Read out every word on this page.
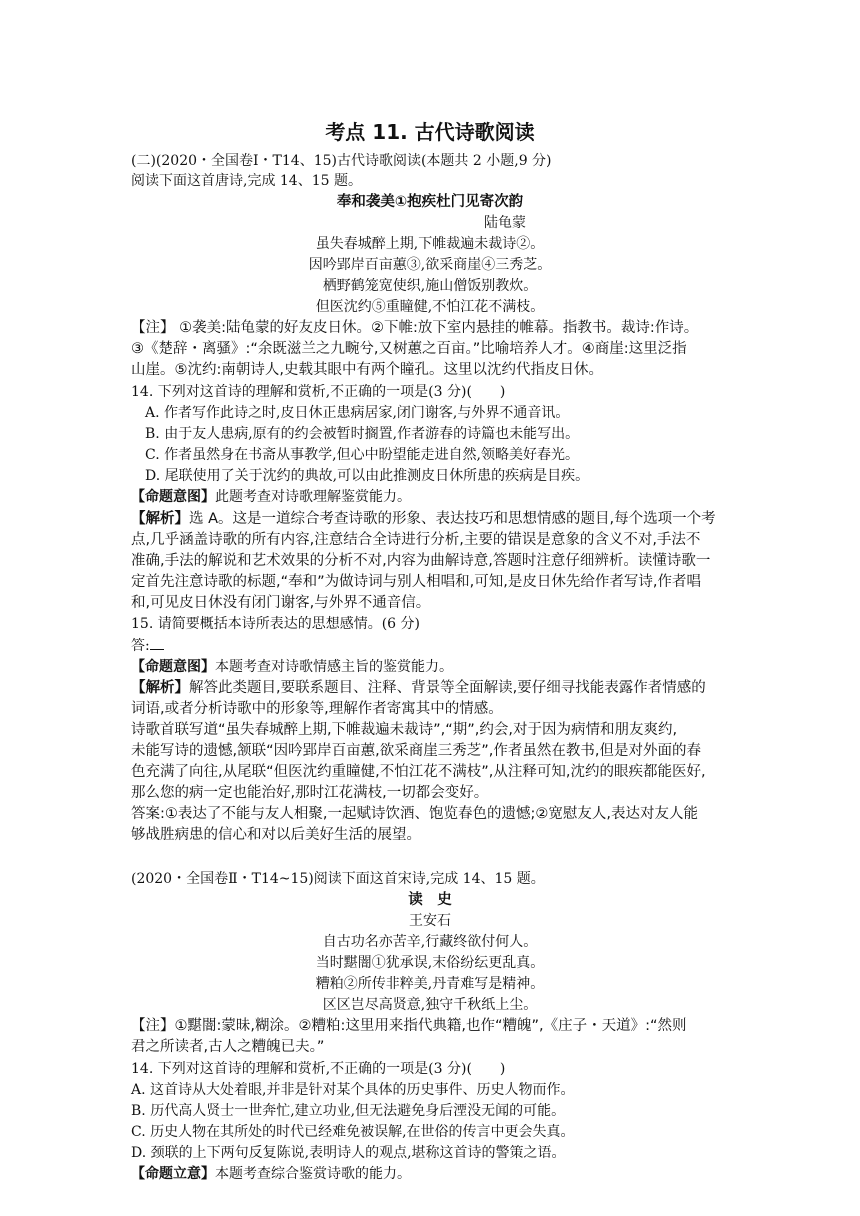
考点 11. 古代诗歌阅读
(二)(2020・全国卷Ⅰ・T14、15)古代诗歌阅读(本题共 2 小题,9 分)
阅读下面这首唐诗,完成 14、15 题。
奉和袭美①抱疾杜门见寄次韵
陆龟蒙
虽失春城醉上期,下帷裁遍未裁诗②。
因吟郢岸百亩蕙③,欲采商崖④三秀芝。
栖野鹤笼宽使织,施山僧饭别教炊。
但医沈约⑤重瞳健,不怕江花不满枝。
【注】 ①袭美:陆龟蒙的好友皮日休。②下帷:放下室内悬挂的帷幕。指教书。裁诗:作诗。
③《楚辞・离骚》:“余既滋兰之九畹兮,又树蕙之百亩。”比喻培养人才。④商崖:这里泛指
山崖。⑤沈约:南朝诗人,史载其眼中有两个瞳孔。这里以沈约代指皮日休。
14. 下列对这首诗的理解和赏析,不正确的一项是(3 分)(　　)
A. 作者写作此诗之时,皮日休正患病居家,闭门谢客,与外界不通音讯。
B. 由于友人患病,原有的约会被暂时搁置,作者游春的诗篇也未能写出。
C. 作者虽然身在书斋从事教学,但心中盼望能走进自然,领略美好春光。
D. 尾联使用了关于沈约的典故,可以由此推测皮日休所患的疾病是目疾。
【命题意图】此题考查对诗歌理解鉴赏能力。
【解析】选 A。这是一道综合考查诗歌的形象、表达技巧和思想情感的题目,每个选项一个考
点,几乎涵盖诗歌的所有内容,注意结合全诗进行分析,主要的错误是意象的含义不对,手法不
准确,手法的解说和艺术效果的分析不对,内容为曲解诗意,答题时注意仔细辨析。读懂诗歌一
定首先注意诗歌的标题,“奉和”为做诗词与别人相唱和,可知,是皮日休先给作者写诗,作者唱
和,可见皮日休没有闭门谢客,与外界不通音信。
15. 请简要概括本诗所表达的思想感情。(6 分)
答:
【命题意图】本题考查对诗歌情感主旨的鉴赏能力。
【解析】解答此类题目,要联系题目、注释、背景等全面解读,要仔细寻找能表露作者情感的
词语,或者分析诗歌中的形象等,理解作者寄寓其中的情感。
诗歌首联写道“虽失春城醉上期,下帷裁遍未裁诗”,“期”,约会,对于因为病情和朋友爽约,
未能写诗的遗憾,颔联“因吟郢岸百亩蕙,欲采商崖三秀芝”,作者虽然在教书,但是对外面的春
色充满了向往,从尾联“但医沈约重瞳健,不怕江花不满枝”,从注释可知,沈约的眼疾都能医好,
那么您的病一定也能治好,那时江花满枝,一切都会变好。
答案:①表达了不能与友人相聚,一起赋诗饮酒、饱览春色的遗憾;②宽慰友人,表达对友人能
够战胜病患的信心和对以后美好生活的展望。
(2020・全国卷Ⅱ・T14~15)阅读下面这首宋诗,完成 14、15 题。
读　史
王安石
自古功名亦苦辛,行藏终欲付何人。
当时黮闇①犹承误,末俗纷纭更乱真。
糟粕②所传非粹美,丹青难写是精神。
区区岂尽高贤意,独守千秋纸上尘。
【注】①黮闇:蒙昧,糊涂。②糟粕:这里用来指代典籍,也作“糟魄”,《庄子・天道》:“然则
君之所读者,古人之糟魄已夫。”
14. 下列对这首诗的理解和赏析,不正确的一项是(3 分)(　　)
A. 这首诗从大处着眼,并非是针对某个具体的历史事件、历史人物而作。
B. 历代高人贤士一世奔忙,建立功业,但无法避免身后湮没无闻的可能。
C. 历史人物在其所处的时代已经难免被误解,在世俗的传言中更会失真。
D. 颈联的上下两句反复陈说,表明诗人的观点,堪称这首诗的警策之语。
【命题立意】本题考查综合鉴赏诗歌的能力。
